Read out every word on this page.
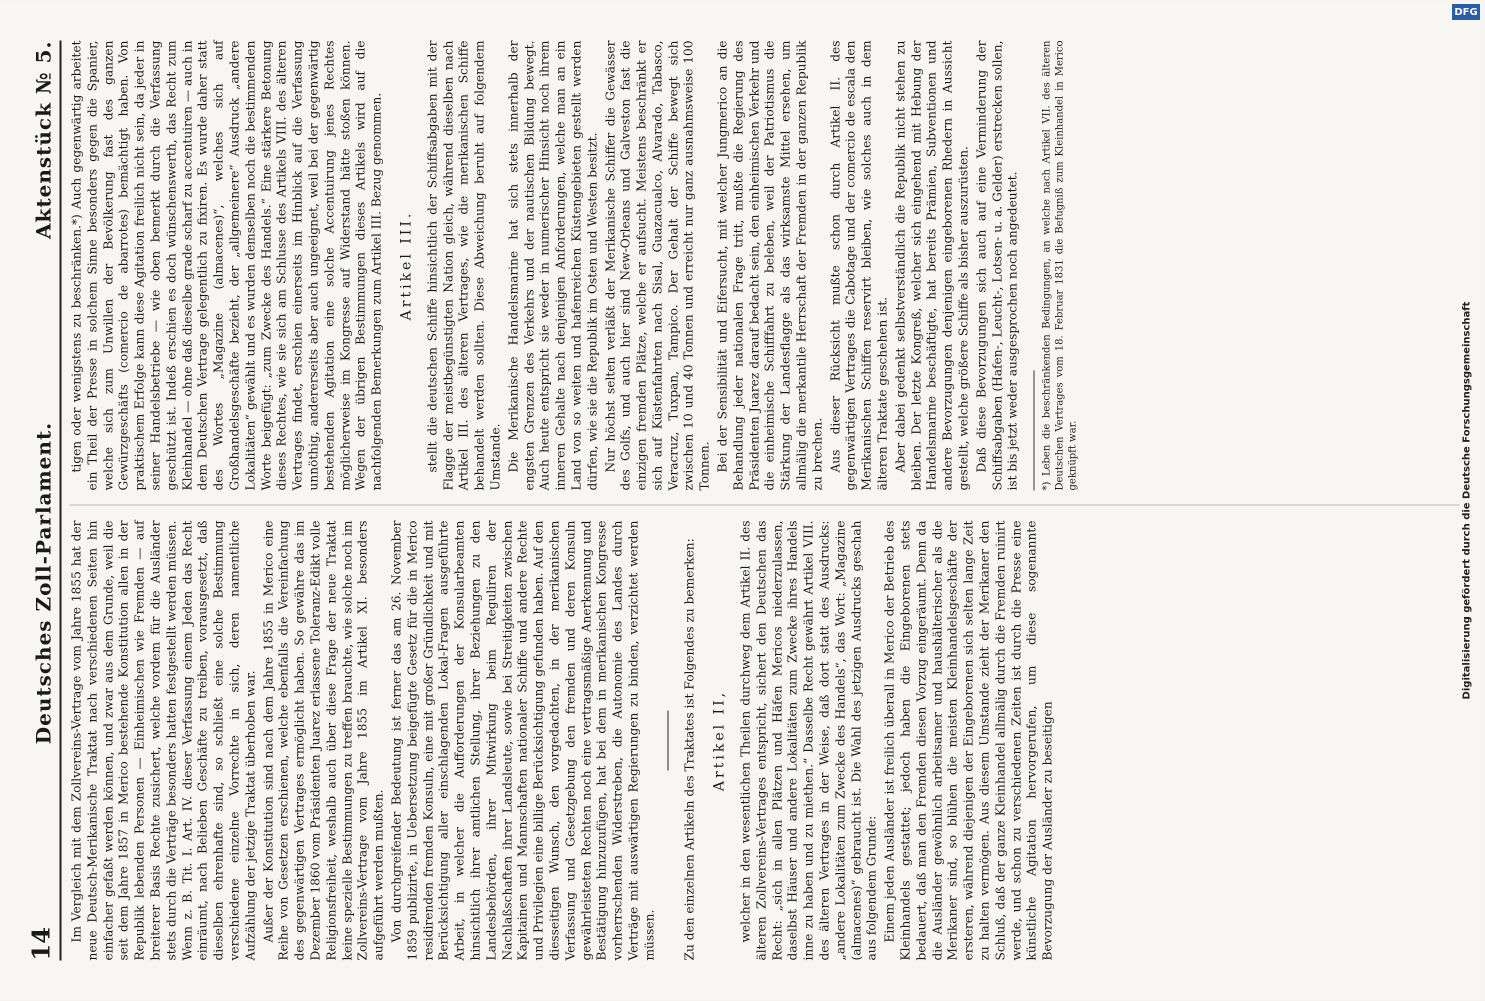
14
Deutsches Zoll-Parlament.
Aktenstück № 5.

Im Vergleich mit dem Zollvereins-Vertrage vom Jahre 1855 hat der neue Deutsch-Merikanische Traktat nach verschiedenen Seiten hin einfacher gefaßt werden können, und zwar aus dem Grunde, weil die seit dem Jahre 1857 in Merico bestehende Konstitution allen in der Republik lebenden Personen — Einheimischen wie Fremden — auf breiterer Basis Rechte zusichert, welche vordem für die Ausländer stets durch die Verträge besonders hatten festgestellt werden müssen. Wenn z. B. Tit. I. Art. IV. dieser Verfassung einem Jeden das Recht einräumt, nach Belieben Geschäfte zu treiben, vorausgesetzt, daß dieselben ehrenhafte sind, so schließt eine solche Bestimmung verschiedene einzelne Vorrechte in sich, deren namentliche Aufzählung der jetzige Traktat überhoben war. Außer der Konstitution sind nach dem Jahre 1855 in Merico eine Reihe von Gesetzen erschienen, welche ebenfalls die Vereinfachung des gegenwärtigen Vertrages ermöglicht haben. So gewähre das im Dezember 1860 vom Präsidenten Juarez erlassene Toleranz-Edikt volle Religionsfreiheit, weshalb auch über diese Frage der neue Traktat keine spezielle Bestimmungen zu treffen brauchte, wie solche noch im Zollvereins-Vertrage vom Jahre 1855 im Artikel XI. besonders aufgeführt werden mußten. Von durchgreifender Bedeutung ist ferner das am 26. November 1859 publizirte, in Uebersetzung beigefügte Gesetz für die in Merico residirenden fremden Konsuln, eine mit großer Gründlichkeit und mit Berücksichtigung aller einschlagenden Lokal-Fragen ausgeführte Arbeit, in welcher die Aufforderungen der Konsularbeamten hinsichtlich ihrer amtlichen Stellung, ihrer Beziehungen zu den Landesbehörden, ihrer Mitwirkung beim Reguliren der Nachlaßschaften ihrer Landsleute, sowie bei Streitigkeiten zwischen Kapitainen und Mannschaften nationaler Schiffe und andere Rechte und Privilegien eine billige Berücksichtigung gefunden haben. Auf den diesseitigen Wunsch, den vorgedachten, in der merikanischen Verfassung und Gesetzgebung den fremden und deren Konsuln gewährleisteten Rechten noch eine vertragsmäßige Anerkennung und Bestätigung hinzuzufügen, hat bei dem in merikanischen Kongresse vorherrschenden Widerstreben, die Autonomie des Landes durch Verträge mit auswärtigen Regierungen zu binden, verzichtet werden müssen. Zu den einzelnen Artikeln des Traktates ist Folgendes zu bemerken: Artikel II, welcher in den wesentlichen Theilen durchweg dem Artikel II. des älteren Zollvereins-Vertrages entspricht, sichert den Deutschen das Recht: „sich in allen Plätzen und Häfen Mericos niederzulassen, daselbst Häuser und andere Lokalitäten zum Zwecke ihres Handels inne zu haben und zu miethen.“ Dasselbe Recht gewährt Artikel VIII. des älteren Vertrages in der Weise, daß dort statt des Ausdrucks: „andere Lokalitäten zum Zwecke des Handels“, das Wort: „Magazine (almacenes)“ gebraucht ist. Die Wahl des jetzigen Ausdrucks geschah aus folgendem Grunde: Einem jeden Ausländer ist freilich überall in Merico der Betrieb des Kleinhandels gestattet; jedoch haben die Eingeborenen stets bedauert, daß man den Fremden diesen Vorzug eingeräumt. Denn da die Ausländer gewöhnlich arbeitsamer und haushälterischer als die Merikaner sind, so blühen die meisten Kleinhandelsgeschäfte der ersteren, während diejenigen der Eingeborenen sich selten lange Zeit zu halten vermögen. Aus diesem Umstande zieht der Merikaner den Schluß, daß der ganze Kleinhandel allmälig durch die Fremden ruinirt werde, und schon zu verschiedenen Zeiten ist durch die Presse eine künstliche Agitation hervorgerufen, um diese sogenannte Bevorzugung der Ausländer zu beseitigen

tigen oder wenigstens zu beschränken.*) Auch gegenwärtig arbeitet ein Theil der Presse in solchem Sinne besonders gegen die Spanier, welche sich zum Unwillen der Bevölkerung fast des ganzen Gewürzgeschäfts (comercio de abarrotes) bemächtigt haben. Von praktischem Erfolge kann diese Agitation freilich nicht sein, da jeder in seiner Handelsbetriebe — wie oben bemerkt durch die Verfassung geschützt ist. Indeß erschien es doch wünschenswerth, das Recht zum Kleinhandel — ohne daß dieselbe grade scharf zu accentuiren — auch in dem Deutschen Vertrage gelegentlich zu fixiren. Es wurde daher statt des Wortes „Magazine (almacenes)“, welches sich auf Großhandelsgeschäfte bezieht, der „allgemeinere“ Ausdruck „andere Lokalitäten“ gewählt und es wurden demselben noch die bestimmenden Worte beigefügt: „zum Zwecke des Handels.“ Eine stärkere Betonung dieses Rechtes, wie sie sich am Schlusse des Artikels VIII. des älteren Vertrages findet, erschien einerseits im Hinblick auf die Verfassung unnöthig, andererseits aber auch ungeeignet, weil bei der gegenwärtig bestehenden Agitation eine solche Accentuirung jenes Rechtes möglicherweise im Kongresse auf Widerstand hätte stoßen können. Wegen der übrigen Bestimmungen dieses Artikels wird auf die nachfolgenden Bemerkungen zum Artikel III. Bezug genommen. Artikel III. stellt die deutschen Schiffe hinsichtlich der Schiffsabgaben mit der Flagge der meistbegünstigten Nation gleich, während dieselben nach Artikel III. des älteren Vertrages, wie die merikanischen Schiffe behandelt werden sollten. Diese Abweichung beruht auf folgendem Umstande. Die Merikanische Handelsmarine hat sich stets innerhalb der engsten Grenzen des Verkehrs und der nautischen Bildung bewegt. Auch heute entspricht sie weder in numerischer Hinsicht noch ihrem inneren Gehalte nach denjenigen Anforderungen, welche man an ein Land von so weiten und hafenreichen Küstengebieten gestellt werden dürfen, wie sie die Republik im Osten und Westen besitzt. Nur höchst selten verläßt der Merikanische Schiffer die Gewässer des Golfs, und auch hier sind New-Orleans und Galveston fast die einzigen fremden Plätze, welche er aufsucht. Meistens beschränkt er sich auf Küstenfahrten nach Sisal, Guazacualco, Alvarado, Tabasco, Veracruz, Tuxpan, Tampico. Der Gehalt der Schiffe bewegt sich zwischen 10 und 40 Tonnen und erreicht nur ganz ausnahmsweise 100 Tonnen. Bei der Sensibilität und Eifersucht, mit welcher Jungmerico an die Behandlung jeder nationalen Frage tritt, mußte die Regierung des Präsidenten Juarez darauf bedacht sein, den einheimischen Verkehr und die einheimische Schifffahrt zu beleben, weil der Patriotismus die Stärkung der Landesflagge als das wirksamste Mittel ersehen, um allmälig die merkantile Herrschaft der Fremden in der ganzen Republik zu brechen. Aus dieser Rücksicht mußte schon durch Artikel II. des gegenwärtigen Vertrages die Cabotage und der comercio de escala den Merikanischen Schiffen reservirt bleiben, wie solches auch in dem älteren Traktate geschehen ist. Aber dabei gedenkt selbstverständlich die Republik nicht stehen zu bleiben. Der letzte Kongreß, welcher sich eingehend mit Hebung der Handelsmarine beschäftigte, hat bereits Prämien, Subventionen und andere Bevorzugungen denjenigen eingeborenen Rhedern in Aussicht gestellt, welche größere Schiffe als bisher auszurüsten. Daß diese Bevorzugungen sich auch auf eine Verminderung der Schiffsabgaben (Hafen-, Leucht-, Lotsen- u. a. Gelder) erstrecken sollen, ist bis jetzt weder ausgesprochen noch angedeutet. *) Leben die beschränkenden Bedingungen, an welche nach Artikel VII. des älteren Deutschen Vertrages vom 18. Februar 1831 die Befugniß zum Kleinhandel in Merico geknüpft war.

DFG
Digitalisierung gefördert durch die Deutsche Forschungsgemeinschaft
